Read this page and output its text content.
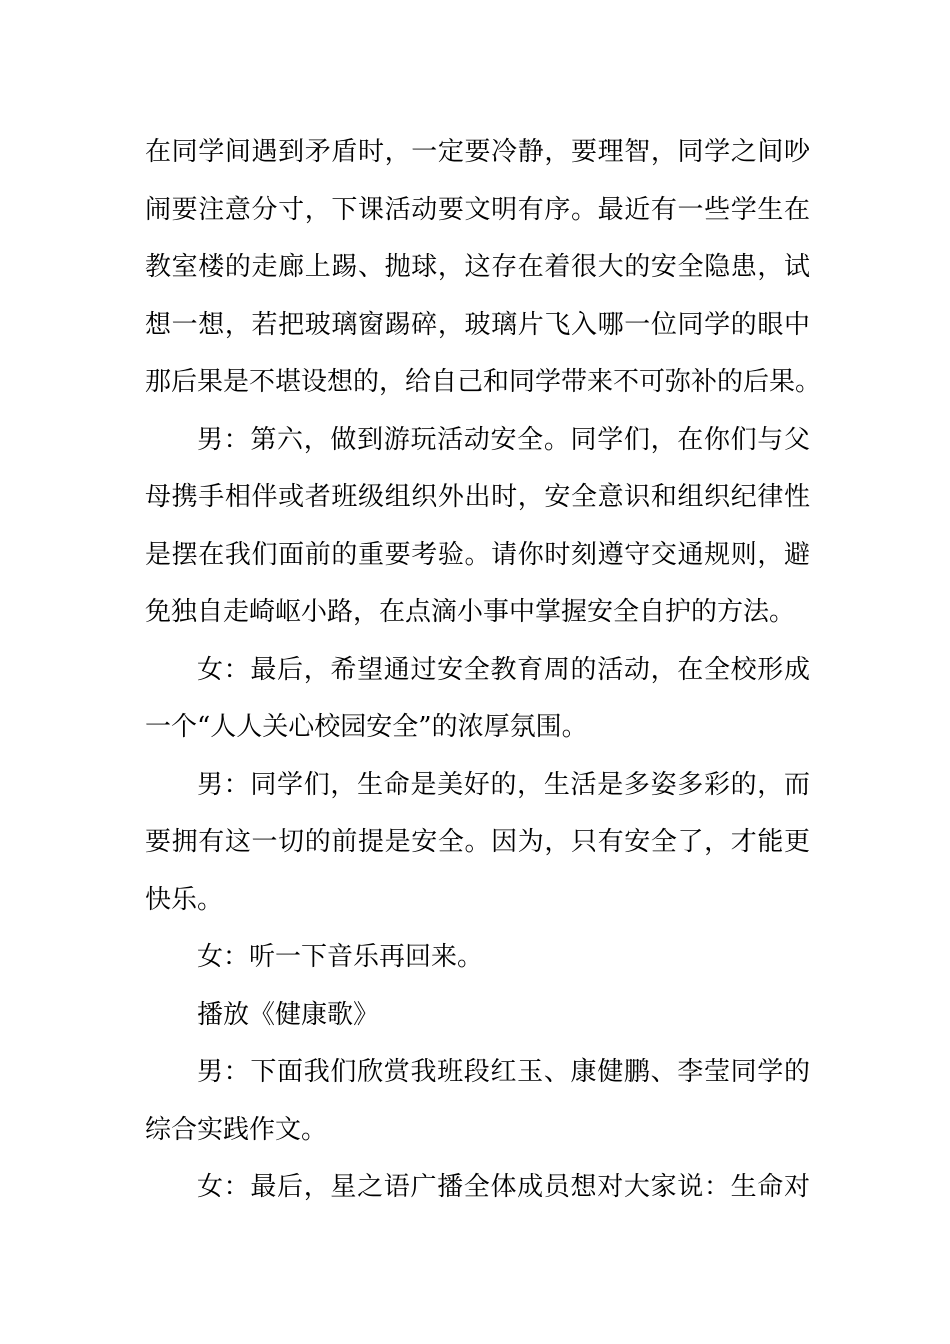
在同学间遇到矛盾时，一定要冷静，要理智，同学之间吵
闹要注意分寸，下课活动要文明有序。最近有一些学生在
教室楼的走廊上踢、抛球，这存在着很大的安全隐患，试
想一想，若把玻璃窗踢碎，玻璃片飞入哪一位同学的眼中
那后果是不堪设想的，给自己和同学带来不可弥补的后果。
男：第六，做到游玩活动安全。同学们，在你们与父
母携手相伴或者班级组织外出时，安全意识和组织纪律性
是摆在我们面前的重要考验。请你时刻遵守交通规则，避
免独自走崎岖小路，在点滴小事中掌握安全自护的方法。
女：最后，希望通过安全教育周的活动，在全校形成
一个“人人关心校园安全”的浓厚氛围。
男：同学们，生命是美好的，生活是多姿多彩的，而
要拥有这一切的前提是安全。因为，只有安全了，才能更
快乐。
女：听一下音乐再回来。
播放《健康歌》
男：下面我们欣赏我班段红玉、康健鹏、李莹同学的
综合实践作文。
女：最后，星之语广播全体成员想对大家说：生命对
